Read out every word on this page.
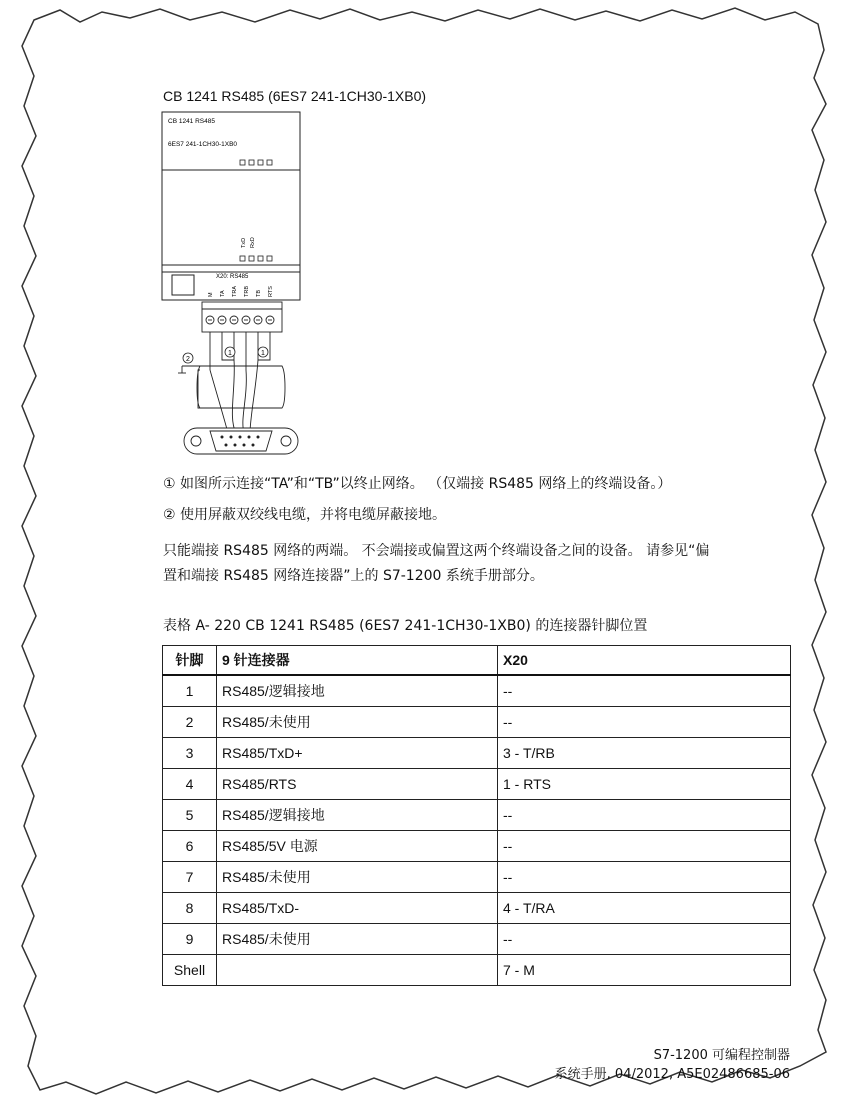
CB 1241 RS485 (6ES7 241-1CH30-1XB0)
CB 1241 RS485
6ES7 241-1CH30-1XB0
TxD RxD
X20: RS485
M TA TRA TRB TB RTS
1	1
2
① 如图所示连接“TA”和“TB”以终止网络。 （仅端接 RS485 网络上的终端设备。）
② 使用屏蔽双绞线电缆，并将电缆屏蔽接地。
只能端接 RS485 网络的两端。 不会端接或偏置这两个终端设备之间的设备。 请参见“偏
置和端接 RS485 网络连接器”上的 S7-1200 系统手册部分。
表格 A- 220 CB 1241 RS485 (6ES7 241-1CH30-1XB0) 的连接器针脚位置
针脚	9 针连接器	X20
1	RS485/逻辑接地	--
2	RS485/未使用	--
3	RS485/TxD+	3 - T/RB
4	RS485/RTS	1 - RTS
5	RS485/逻辑接地	--
6	RS485/5V 电源	--
7	RS485/未使用	--
8	RS485/TxD-	4 - T/RA
9	RS485/未使用	--
Shell		7 - M
S7-1200 可编程控制器
系统手册, 04/2012, A5E02486685-06
